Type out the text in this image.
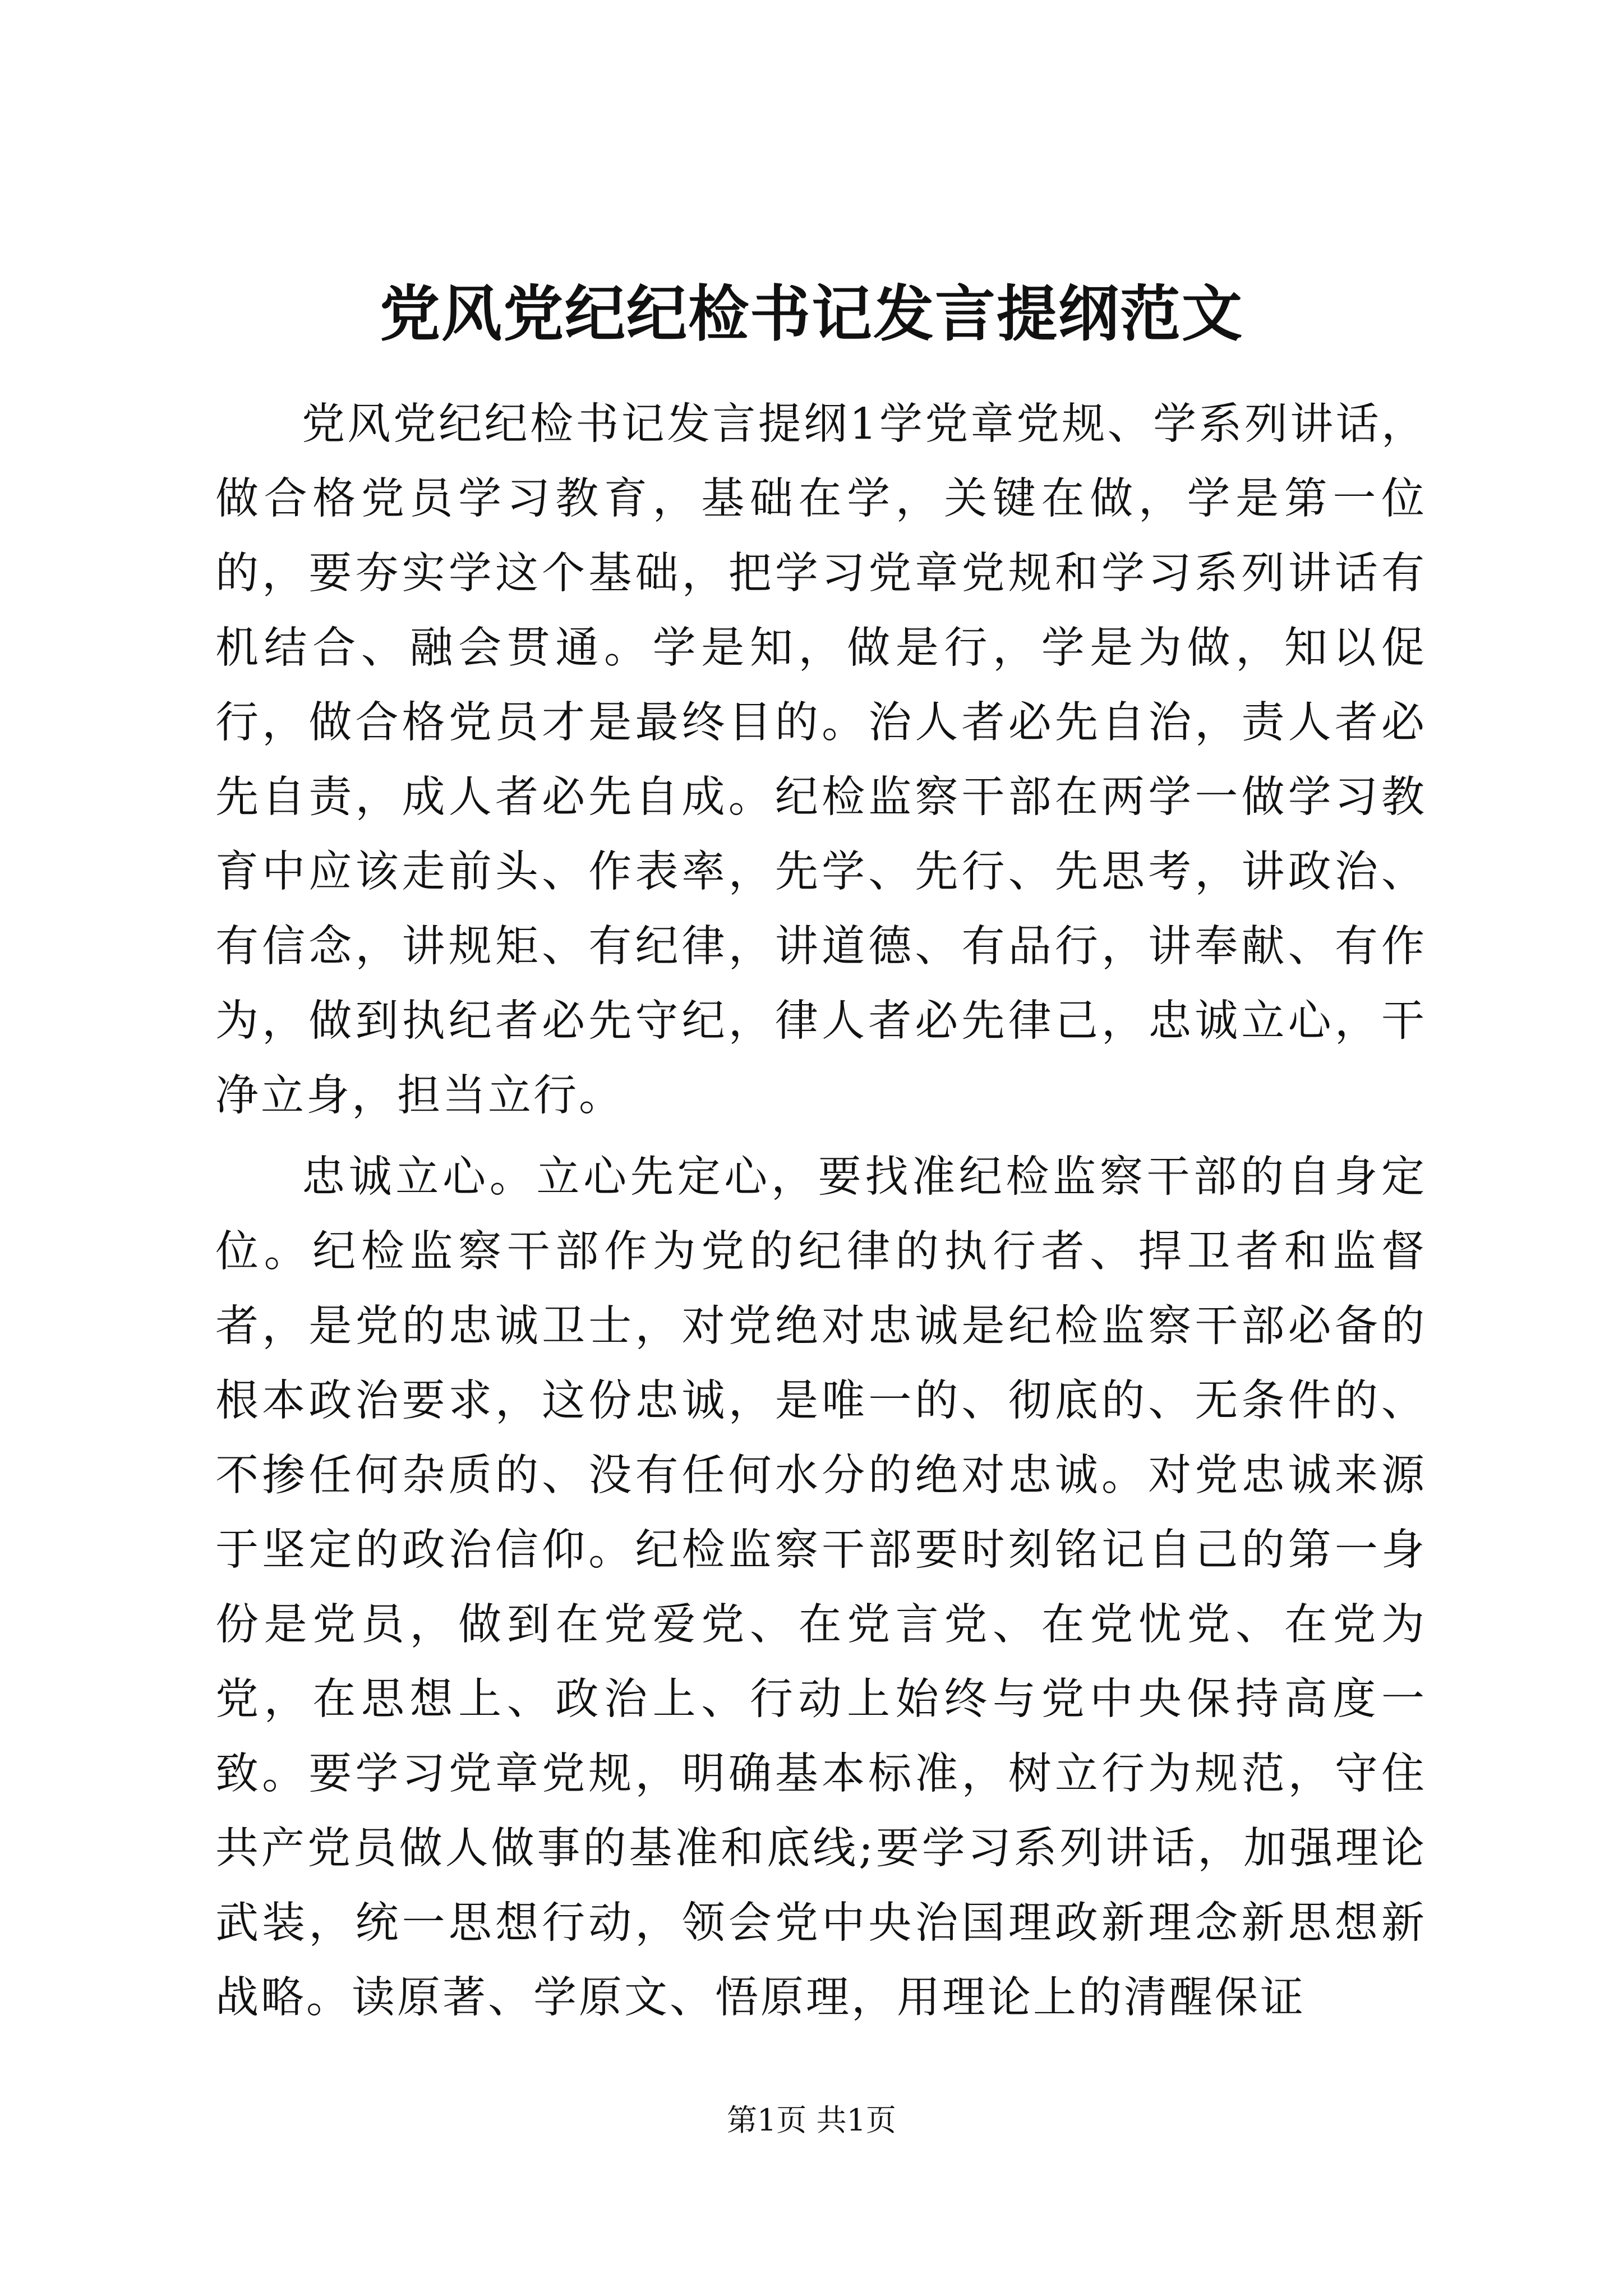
党风党纪纪检书记发言提纲范文

党风党纪纪检书记发言提纲1学党章党规、学系列讲话，做合格党员学习教育，基础在学，关键在做，学是第一位的，要夯实学这个基础，把学习党章党规和学习系列讲话有机结合、融会贯通。学是知，做是行，学是为做，知以促行，做合格党员才是最终目的。治人者必先自治，责人者必先自责，成人者必先自成。纪检监察干部在两学一做学习教育中应该走前头、作表率，先学、先行、先思考，讲政治、有信念，讲规矩、有纪律，讲道德、有品行，讲奉献、有作为，做到执纪者必先守纪，律人者必先律己，忠诚立心，干净立身，担当立行。

忠诚立心。立心先定心，要找准纪检监察干部的自身定位。纪检监察干部作为党的纪律的执行者、捍卫者和监督者，是党的忠诚卫士，对党绝对忠诚是纪检监察干部必备的根本政治要求，这份忠诚，是唯一的、彻底的、无条件的、不掺任何杂质的、没有任何水分的绝对忠诚。对党忠诚来源于坚定的政治信仰。纪检监察干部要时刻铭记自己的第一身份是党员，做到在党爱党、在党言党、在党忧党、在党为党，在思想上、政治上、行动上始终与党中央保持高度一致。要学习党章党规，明确基本标准，树立行为规范，守住共产党员做人做事的基准和底线;要学习系列讲话，加强理论武装，统一思想行动，领会党中央治国理政新理念新思想新战略。读原著、学原文、悟原理，用理论上的清醒保证

第1页 共1页
